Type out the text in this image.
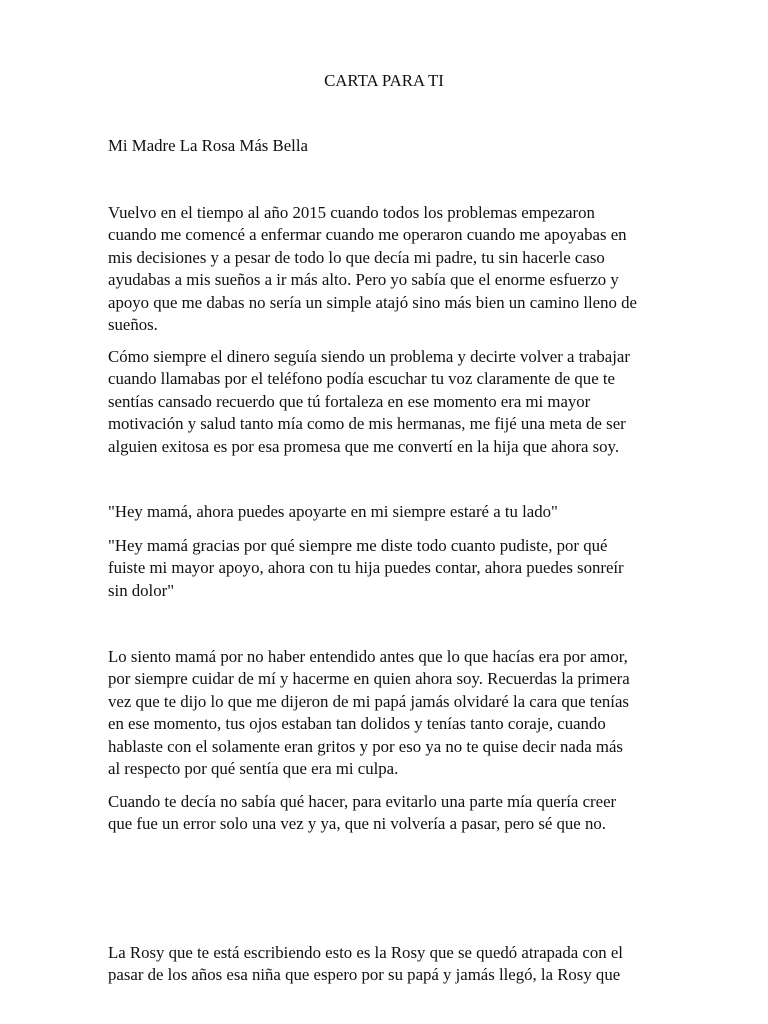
CARTA PARA TI
Mi Madre La Rosa Más Bella
Vuelvo en el tiempo al año 2015 cuando todos los problemas empezaron
cuando me comencé a enfermar cuando me operaron cuando me apoyabas en
mis decisiones y a pesar de todo lo que decía mi padre, tu sin hacerle caso
ayudabas a mis sueños a ir más alto. Pero yo sabía que el enorme esfuerzo y
apoyo que me dabas no sería un simple atajó sino más bien un camino lleno de
sueños.
Cómo siempre el dinero seguía siendo un problema y decirte volver a trabajar
cuando llamabas por el teléfono podía escuchar tu voz claramente de que te
sentías cansado recuerdo que tú fortaleza en ese momento era mi mayor
motivación y salud tanto mía como de mis hermanas, me fijé una meta de ser
alguien exitosa es por esa promesa que me convertí en la hija que ahora soy.
"Hey mamá, ahora puedes apoyarte en mi siempre estaré a tu lado"
"Hey mamá gracias por qué siempre me diste todo cuanto pudiste, por qué
fuiste mi mayor apoyo, ahora con tu hija puedes contar, ahora puedes sonreír
sin dolor"
Lo siento mamá por no haber entendido antes que lo que hacías era por amor,
por siempre cuidar de mí y hacerme en quien ahora soy. Recuerdas la primera
vez que te dijo lo que me dijeron de mi papá jamás olvidaré la cara que tenías
en ese momento, tus ojos estaban tan dolidos y tenías tanto coraje, cuando
hablaste con el solamente eran gritos y por eso ya no te quise decir nada más
al respecto por qué sentía que era mi culpa.
Cuando te decía no sabía qué hacer, para evitarlo una parte mía quería creer
que fue un error solo una vez y ya, que ni volvería a pasar, pero sé que no.
La Rosy que te está escribiendo esto es la Rosy que se quedó atrapada con el
pasar de los años esa niña que espero por su papá y jamás llegó, la Rosy que
